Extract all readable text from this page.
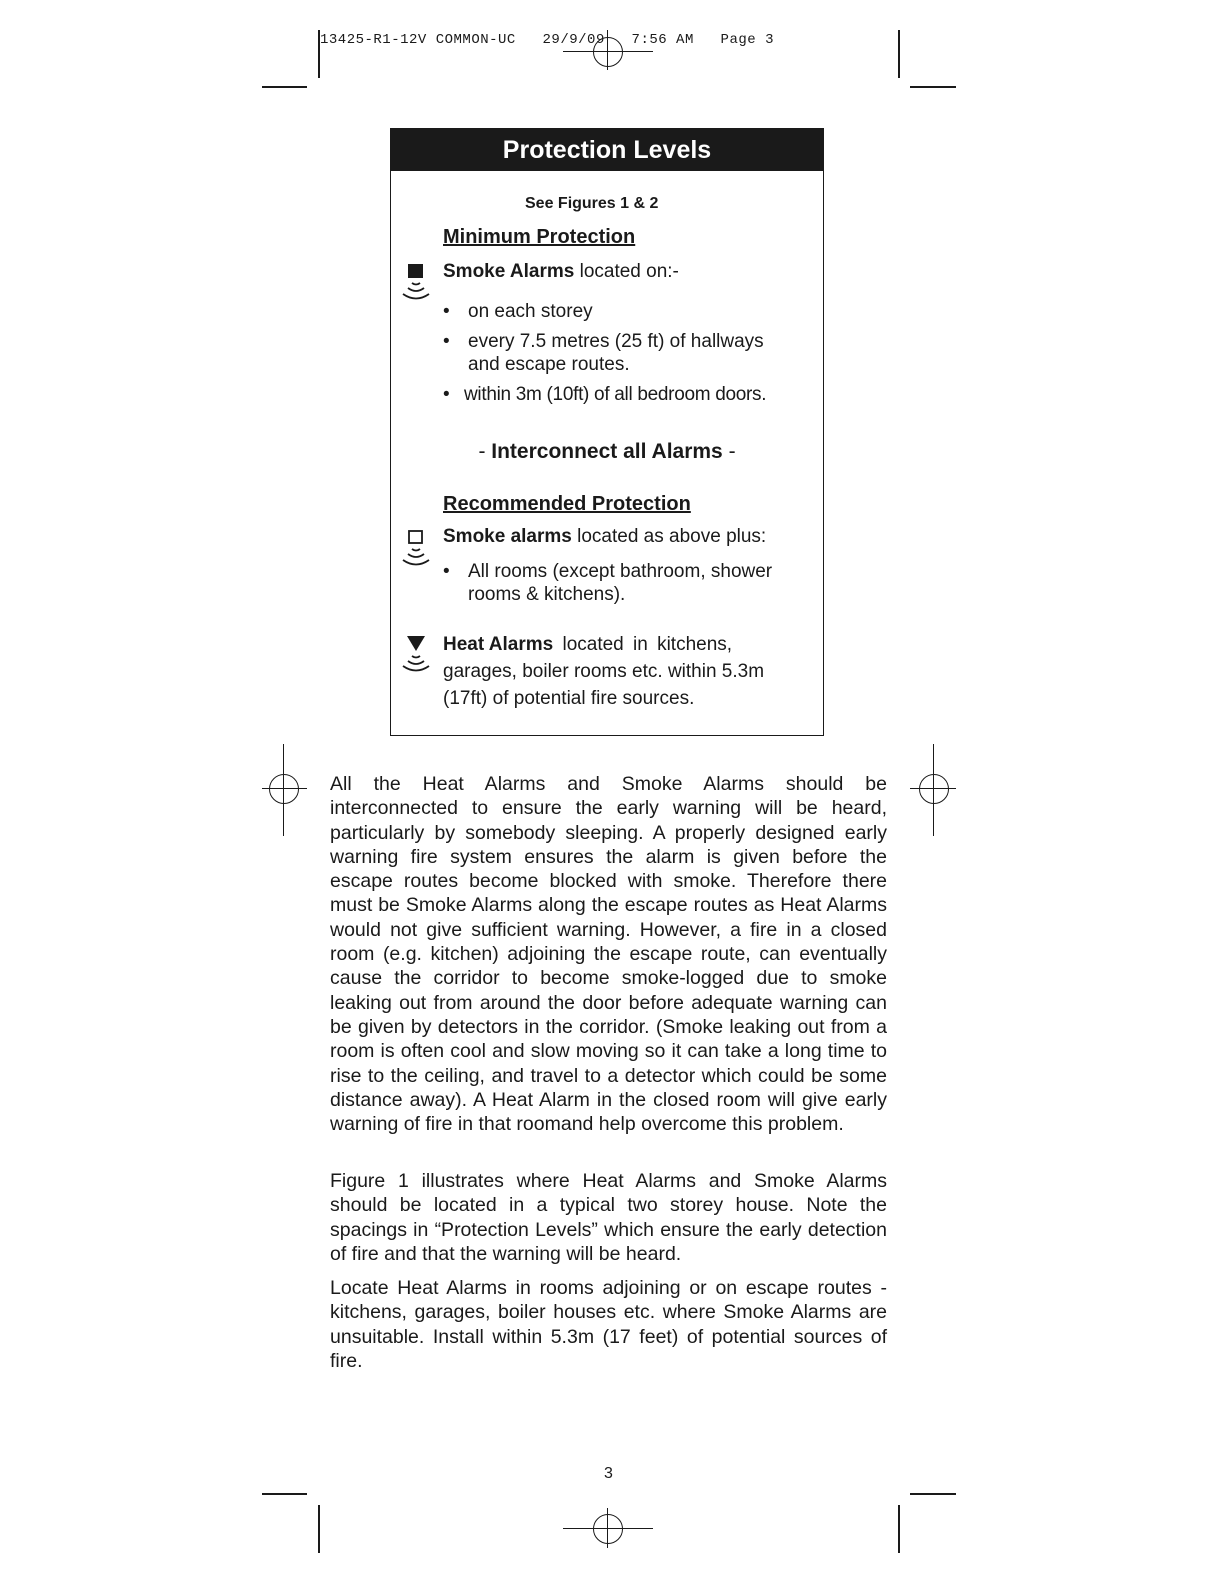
13425-R1-12V COMMON-UC   29/9/09   7:56 AM   Page 3
Protection Levels
See Figures 1 & 2
Minimum Protection
Smoke Alarms located on:-
• on each storey
• every 7.5 metres (25 ft) of hallways
and escape routes.
• within 3m (10ft) of all bedroom doors.
- Interconnect all Alarms -
Recommended Protection
Smoke alarms located as above plus:
• All rooms (except bathroom, shower
rooms & kitchens).
Heat Alarms located in kitchens,
garages, boiler rooms etc. within 5.3m
(17ft) of potential fire sources.

All the Heat Alarms and Smoke Alarms should be interconnected to ensure the early warning will be heard, particularly by somebody sleeping. A properly designed early warning fire system ensures the alarm is given before the escape routes become blocked with smoke. Therefore there must be Smoke Alarms along the escape routes as Heat Alarms would not give sufficient warning. However, a fire in a closed room (e.g. kitchen) adjoining the escape route, can eventually cause the corridor to become smoke-logged due to smoke leaking out from around the door before adequate warning can be given by detectors in the corridor. (Smoke leaking out from a room is often cool and slow moving so it can take a long time to rise to the ceiling, and travel to a detector which could be some distance away). A Heat Alarm in the closed room will give early warning of fire in that roomand help overcome this problem.

Figure 1 illustrates where Heat Alarms and Smoke Alarms should be located in a typical two storey house. Note the spacings in “Protection Levels” which ensure the early detection of fire and that the warning will be heard.

Locate Heat Alarms in rooms adjoining or on escape routes - kitchens, garages, boiler houses etc. where Smoke Alarms are unsuitable. Install within 5.3m (17 feet) of potential sources of fire.

3
